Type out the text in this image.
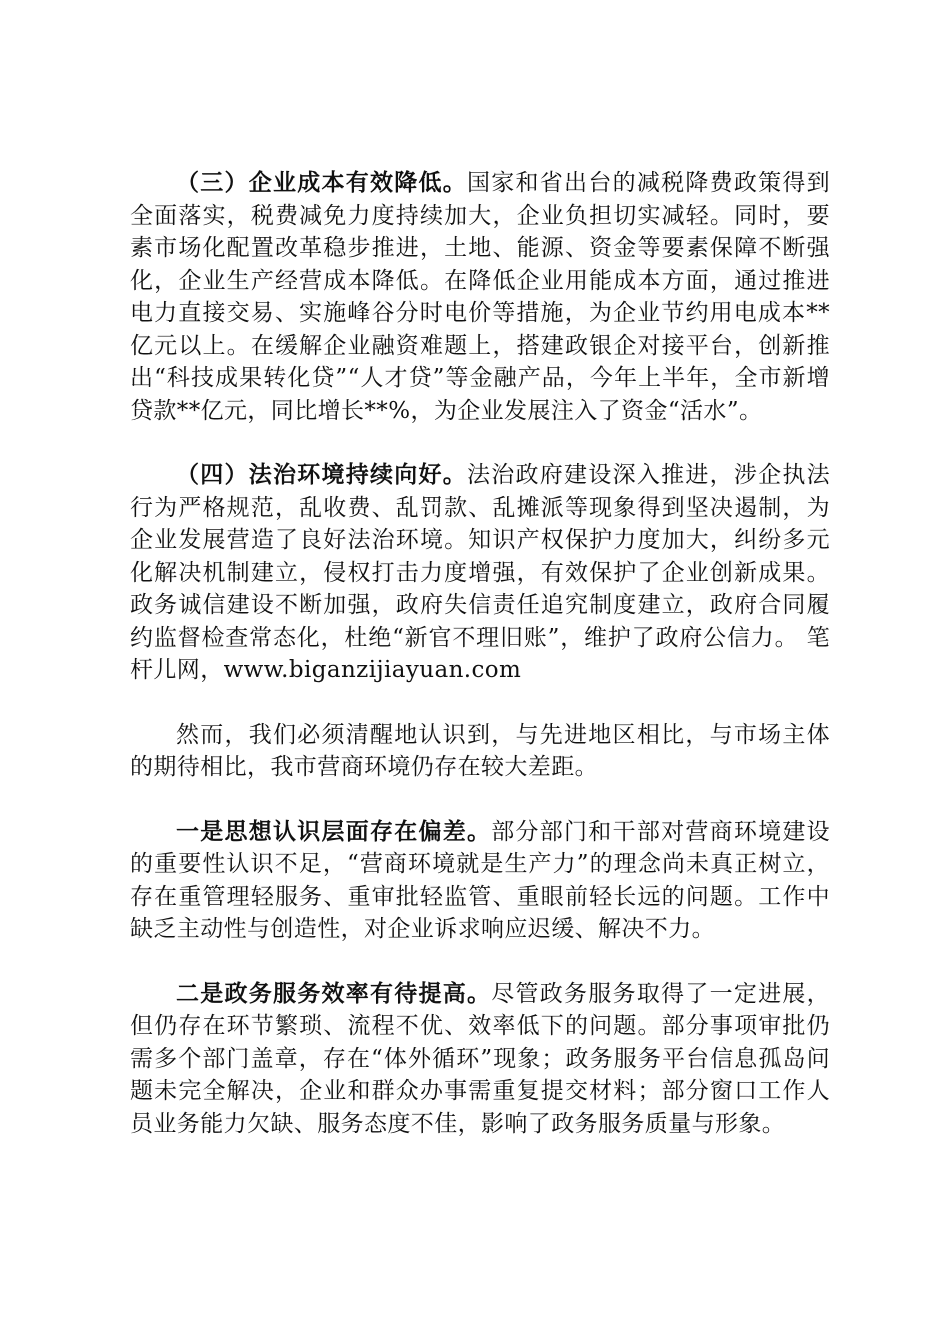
（三）企业成本有效降低。国家和省出台的减税降费政策得到全面落实，税费减免力度持续加大，企业负担切实减轻。同时，要素市场化配置改革稳步推进，土地、能源、资金等要素保障不断强化，企业生产经营成本降低。在降低企业用能成本方面，通过推进电力直接交易、实施峰谷分时电价等措施，为企业节约用电成本**亿元以上。在缓解企业融资难题上，搭建政银企对接平台，创新推出“科技成果转化贷”“人才贷”等金融产品，今年上半年，全市新增贷款**亿元，同比增长**%，为企业发展注入了资金“活水”。

（四）法治环境持续向好。法治政府建设深入推进，涉企执法行为严格规范，乱收费、乱罚款、乱摊派等现象得到坚决遏制，为企业发展营造了良好法治环境。知识产权保护力度加大，纠纷多元化解决机制建立，侵权打击力度增强，有效保护了企业创新成果。政务诚信建设不断加强，政府失信责任追究制度建立，政府合同履约监督检查常态化，杜绝“新官不理旧账”，维护了政府公信力。 笔杆儿网，www.biganzijiayuan.com

然而，我们必须清醒地认识到，与先进地区相比，与市场主体的期待相比，我市营商环境仍存在较大差距。

一是思想认识层面存在偏差。部分部门和干部对营商环境建设的重要性认识不足，“营商环境就是生产力”的理念尚未真正树立，存在重管理轻服务、重审批轻监管、重眼前轻长远的问题。工作中缺乏主动性与创造性，对企业诉求响应迟缓、解决不力。

二是政务服务效率有待提高。尽管政务服务取得了一定进展，但仍存在环节繁琐、流程不优、效率低下的问题。部分事项审批仍需多个部门盖章，存在“体外循环”现象；政务服务平台信息孤岛问题未完全解决，企业和群众办事需重复提交材料；部分窗口工作人员业务能力欠缺、服务态度不佳，影响了政务服务质量与形象。
